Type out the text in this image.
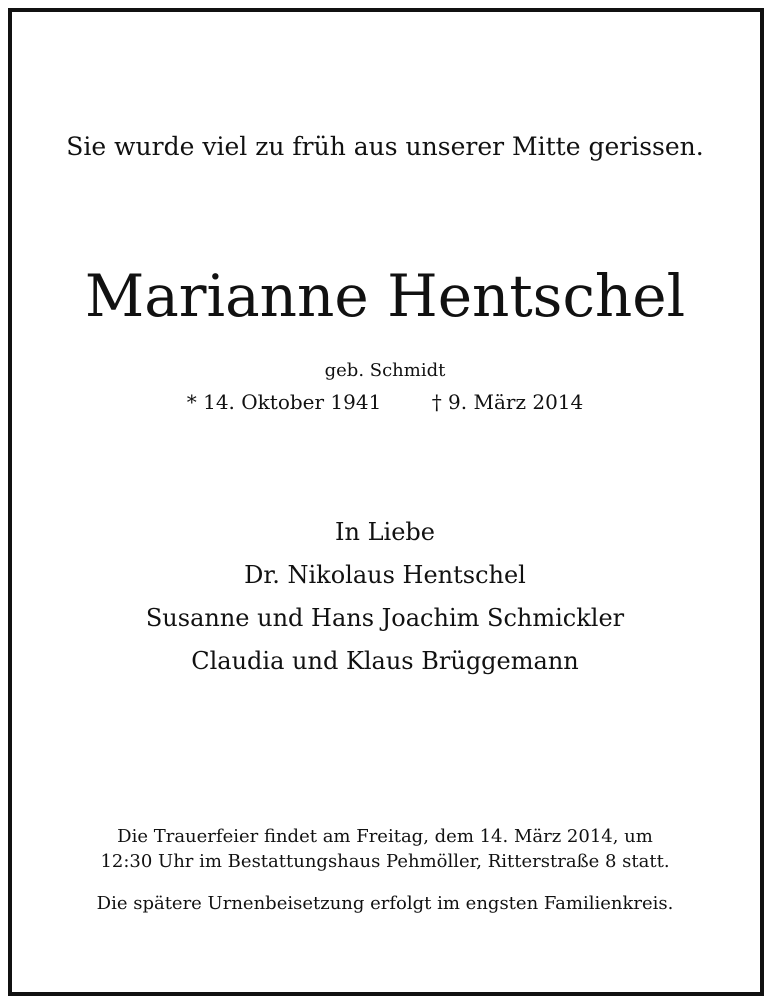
Sie wurde viel zu früh aus unserer Mitte gerissen.
Marianne Hentschel
geb. Schmidt
* 14. Oktober 1941	† 9. März 2014
In Liebe
Dr. Nikolaus Hentschel
Susanne und Hans Joachim Schmickler
Claudia und Klaus Brüggemann
Die Trauerfeier findet am Freitag, dem 14. März 2014, um
12:30 Uhr im Bestattungshaus Pehmöller, Ritterstraße 8 statt.
Die spätere Urnenbeisetzung erfolgt im engsten Familienkreis.
